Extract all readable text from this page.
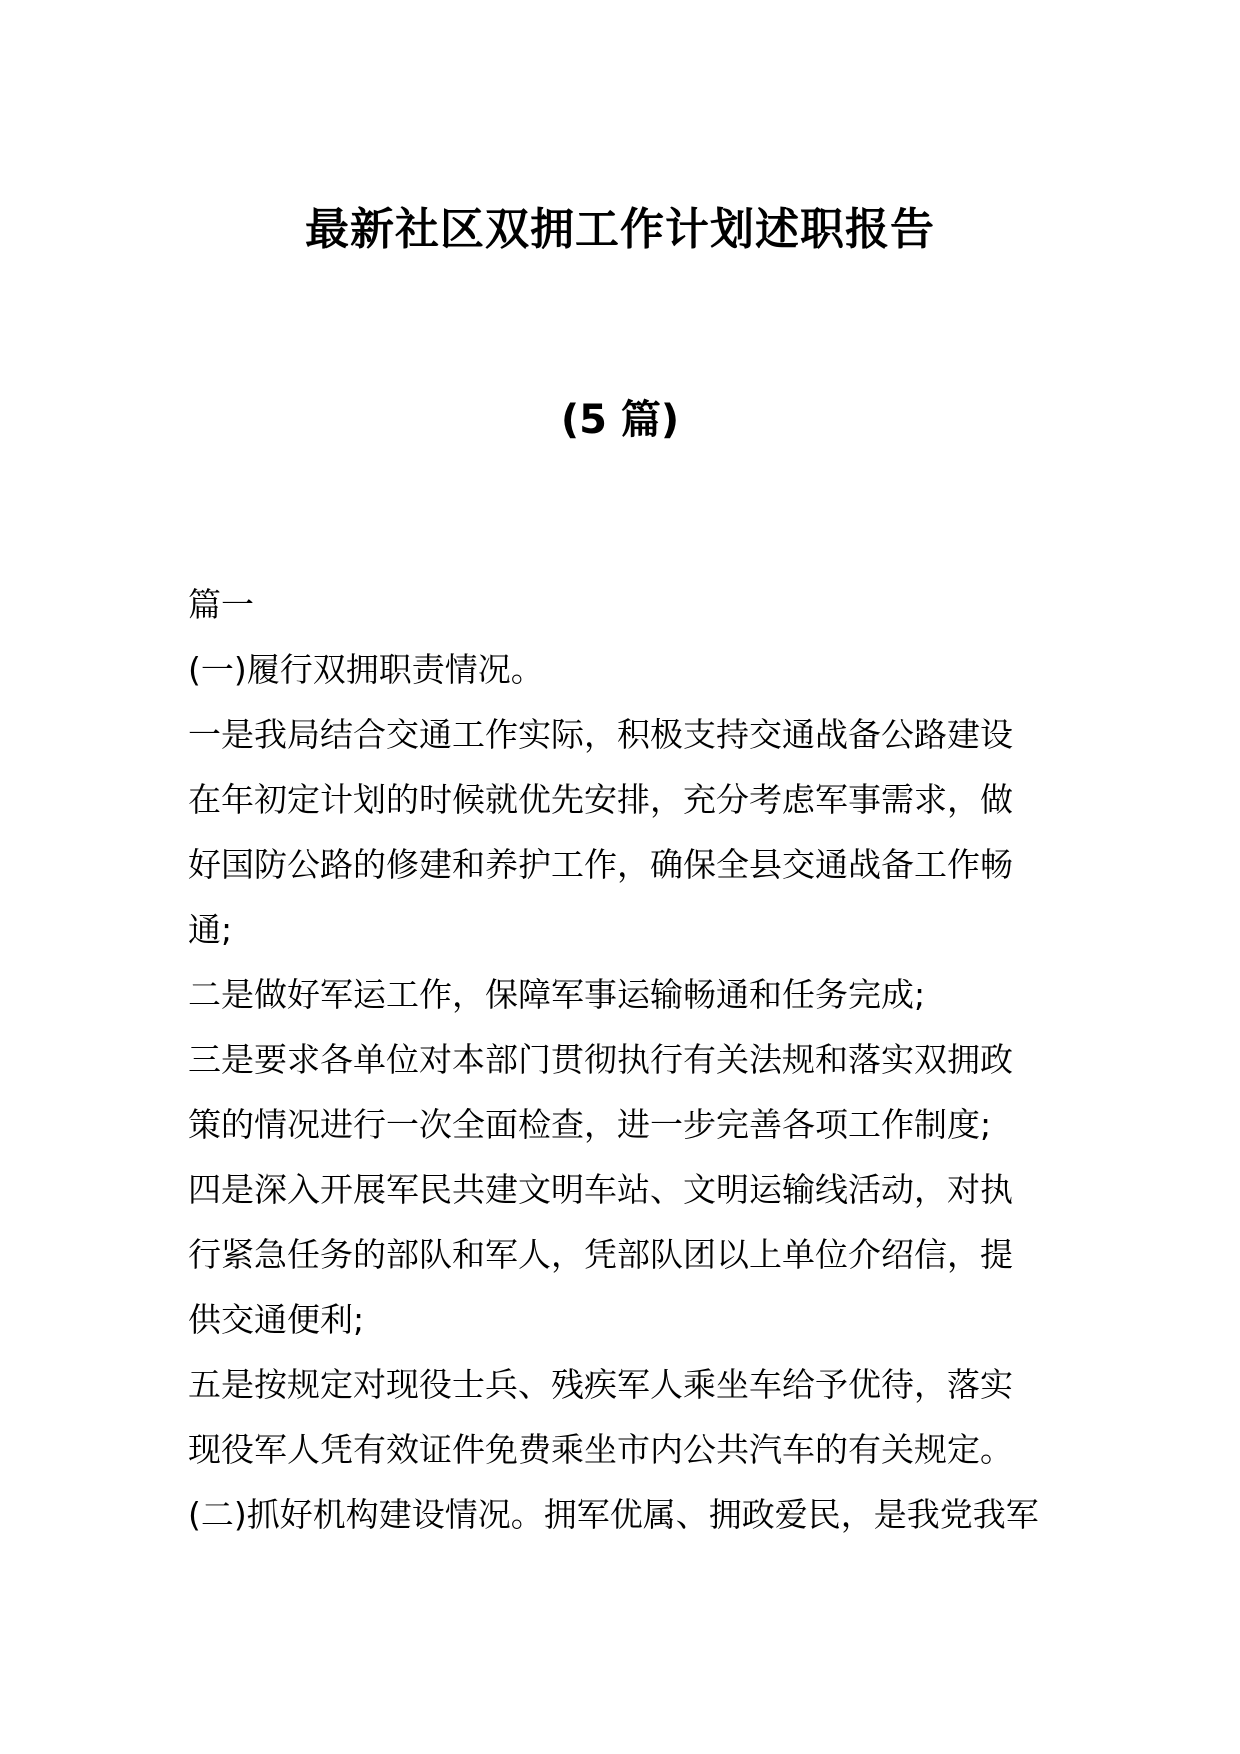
最新社区双拥工作计划述职报告
(5 篇)
篇一
(一)履行双拥职责情况。
一是我局结合交通工作实际，积极支持交通战备公路建设
在年初定计划的时候就优先安排，充分考虑军事需求，做
好国防公路的修建和养护工作，确保全县交通战备工作畅
通;
二是做好军运工作，保障军事运输畅通和任务完成;
三是要求各单位对本部门贯彻执行有关法规和落实双拥政
策的情况进行一次全面检查，进一步完善各项工作制度;
四是深入开展军民共建文明车站、文明运输线活动，对执
行紧急任务的部队和军人，凭部队团以上单位介绍信，提
供交通便利;
五是按规定对现役士兵、残疾军人乘坐车给予优待，落实
现役军人凭有效证件免费乘坐市内公共汽车的有关规定。
(二)抓好机构建设情况。拥军优属、拥政爱民，是我党我军
